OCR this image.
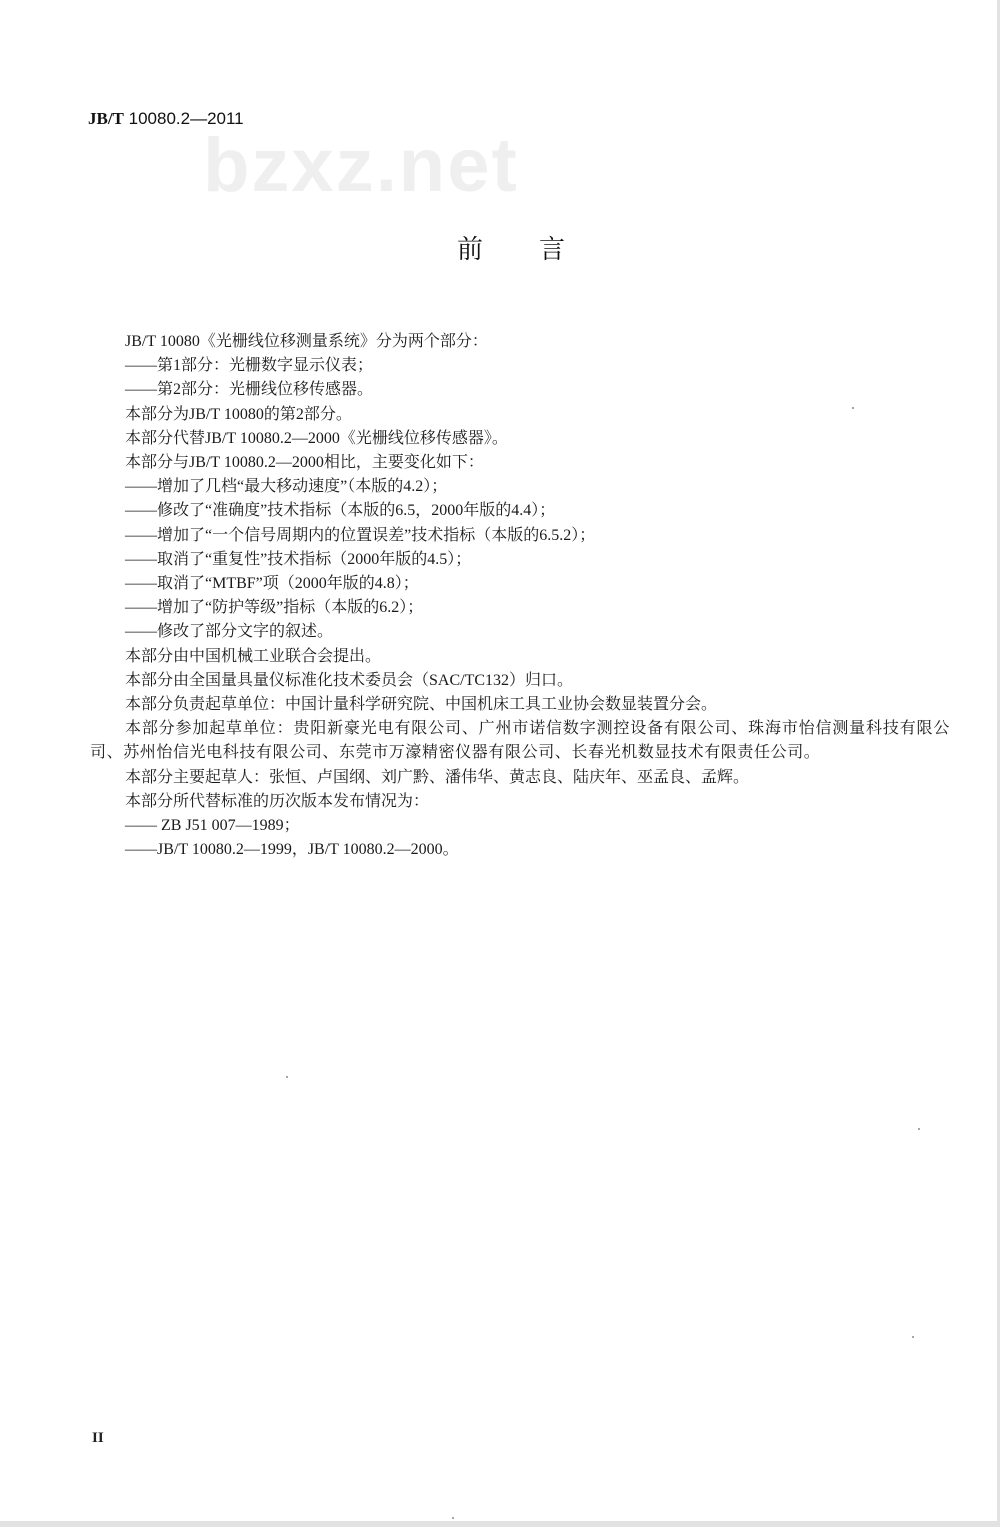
JB/T 10080.2—2011
bzxz.net
前 言
JB/T 10080《光栅线位移测量系统》分为两个部分：
——第1部分：光栅数字显示仪表；
——第2部分：光栅线位移传感器。
本部分为JB/T 10080的第2部分。
本部分代替JB/T 10080.2—2000《光栅线位移传感器》。
本部分与JB/T 10080.2—2000相比，主要变化如下：
——增加了几档“最大移动速度”（本版的4.2）；
——修改了“准确度”技术指标（本版的6.5，2000年版的4.4）；
——增加了“一个信号周期内的位置误差”技术指标（本版的6.5.2）；
——取消了“重复性”技术指标（2000年版的4.5）；
——取消了“MTBF”项（2000年版的4.8）；
——增加了“防护等级”指标（本版的6.2）；
——修改了部分文字的叙述。
本部分由中国机械工业联合会提出。
本部分由全国量具量仪标准化技术委员会（SAC/TC132）归口。
本部分负责起草单位：中国计量科学研究院、中国机床工具工业协会数显装置分会。
本部分参加起草单位：贵阳新豪光电有限公司、广州市诺信数字测控设备有限公司、珠海市怡信测量科技有限公司、苏州怡信光电科技有限公司、东莞市万濠精密仪器有限公司、长春光机数显技术有限责任公司。
本部分主要起草人：张恒、卢国纲、刘广黔、潘伟华、黄志良、陆庆年、巫孟良、孟辉。
本部分所代替标准的历次版本发布情况为：
—— ZB J51 007—1989；
——JB/T 10080.2—1999，JB/T 10080.2—2000。
II
